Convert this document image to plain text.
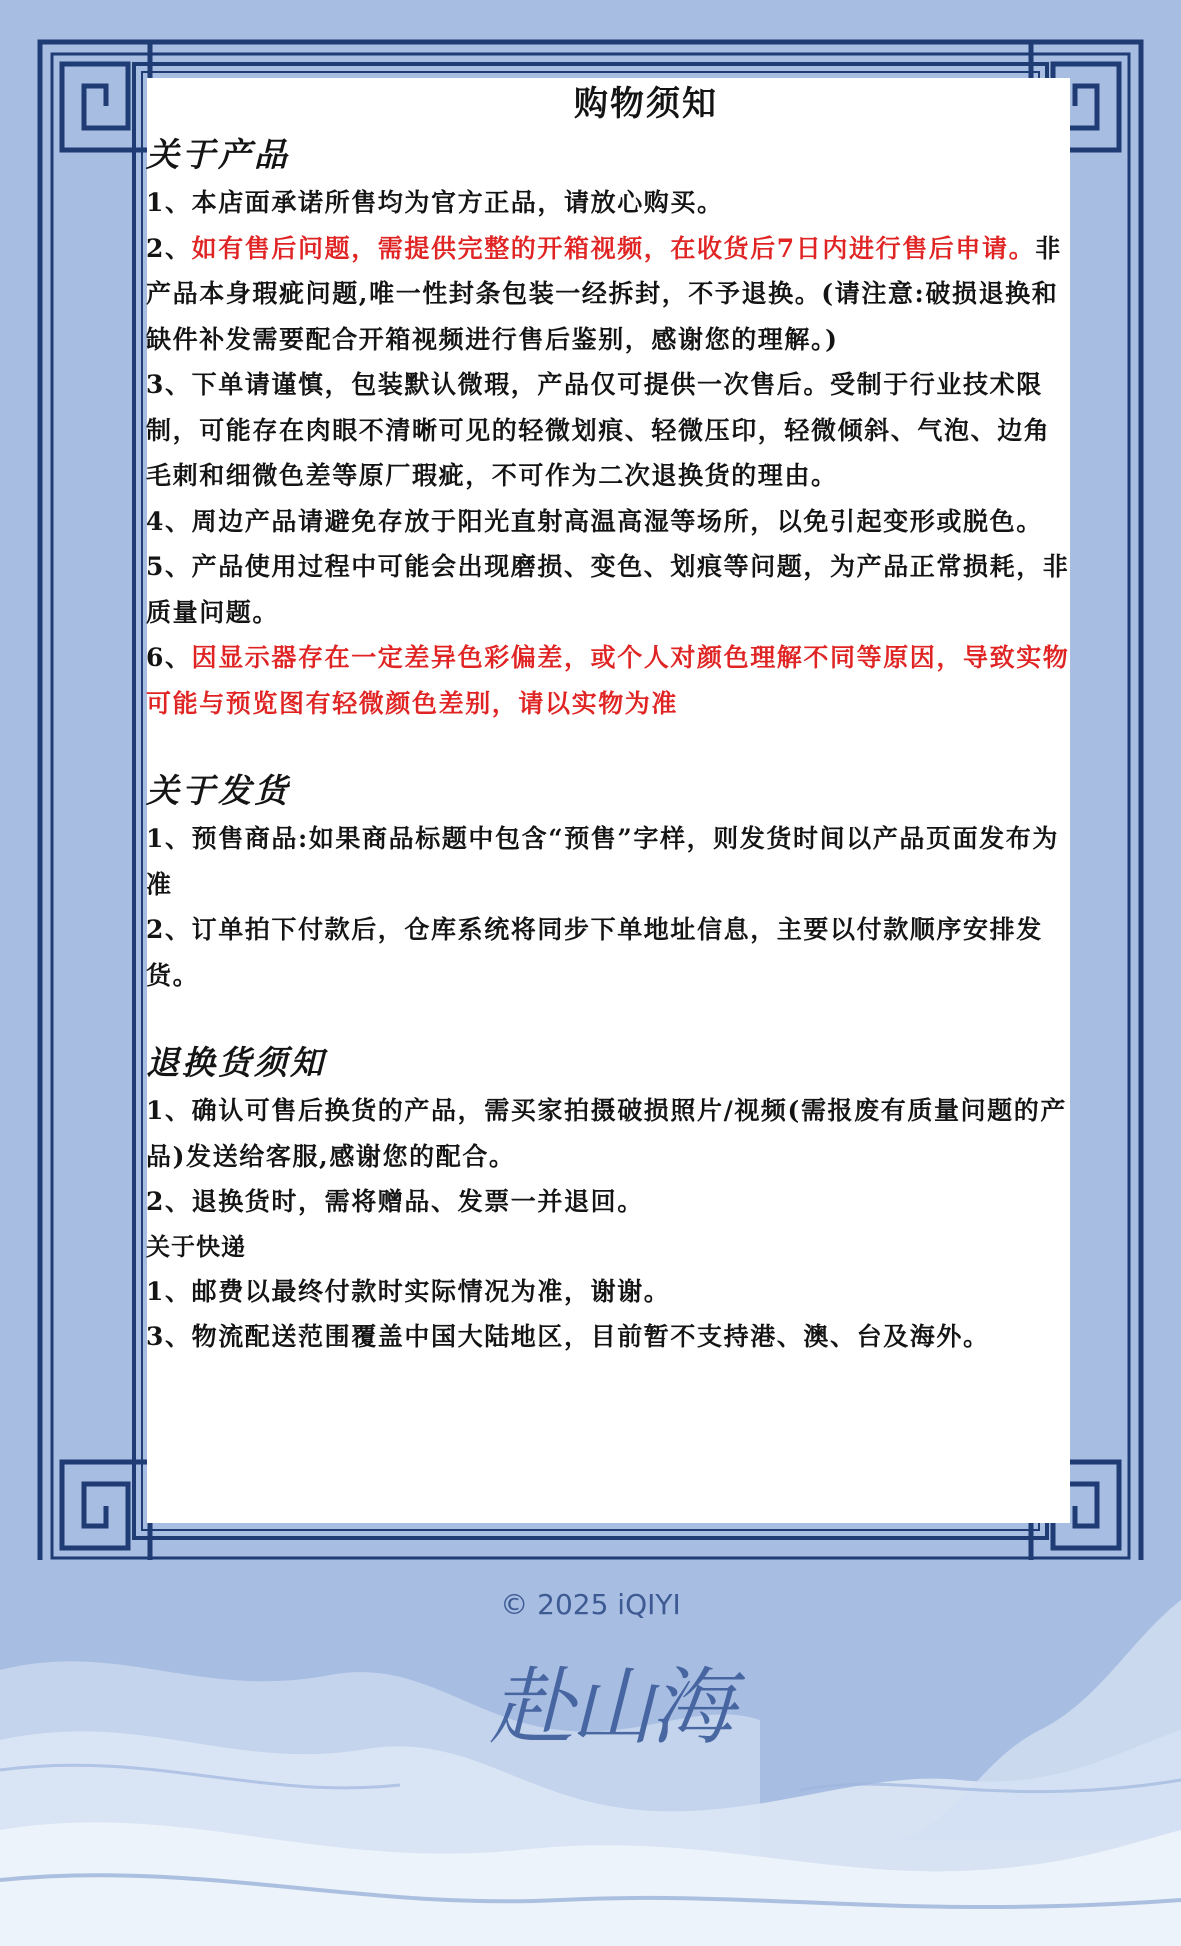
购物须知
关于产品

1、本店面承诺所售均为官方正品，请放心购买。

2、如有售后问题，需提供完整的开箱视频，在收货后7日内进行售后申请。非产品本身瑕疵问题,唯一性封条包装一经拆封，不予退换。(请注意:破损退换和缺件补发需要配合开箱视频进行售后鉴别，感谢您的理解。)

3、下单请谨慎，包装默认微瑕，产品仅可提供一次售后。受制于行业技术限制，可能存在肉眼不清晰可见的轻微划痕、轻微压印，轻微倾斜、气泡、边角毛刺和细微色差等原厂瑕疵，不可作为二次退换货的理由。

4、周边产品请避免存放于阳光直射高温高湿等场所，以免引起变形或脱色。

5、产品使用过程中可能会出现磨损、变色、划痕等问题，为产品正常损耗，非质量问题。

6、因显示器存在一定差异色彩偏差，或个人对颜色理解不同等原因，导致实物可能与预览图有轻微颜色差别，请以实物为准

关于发货

1、预售商品:如果商品标题中包含“预售”字样，则发货时间以产品页面发布为准

2、订单拍下付款后，仓库系统将同步下单地址信息，主要以付款顺序安排发货。

退换货须知

1、确认可售后换货的产品，需买家拍摄破损照片/视频(需报废有质量问题的产品)发送给客服,感谢您的配合。

2、退换货时，需将赠品、发票一并退回。

关于快递

1、邮费以最终付款时实际情况为准，谢谢。

3、物流配送范围覆盖中国大陆地区，目前暂不支持港、澳、台及海外。

© 2025 iQIYI
赴山海
